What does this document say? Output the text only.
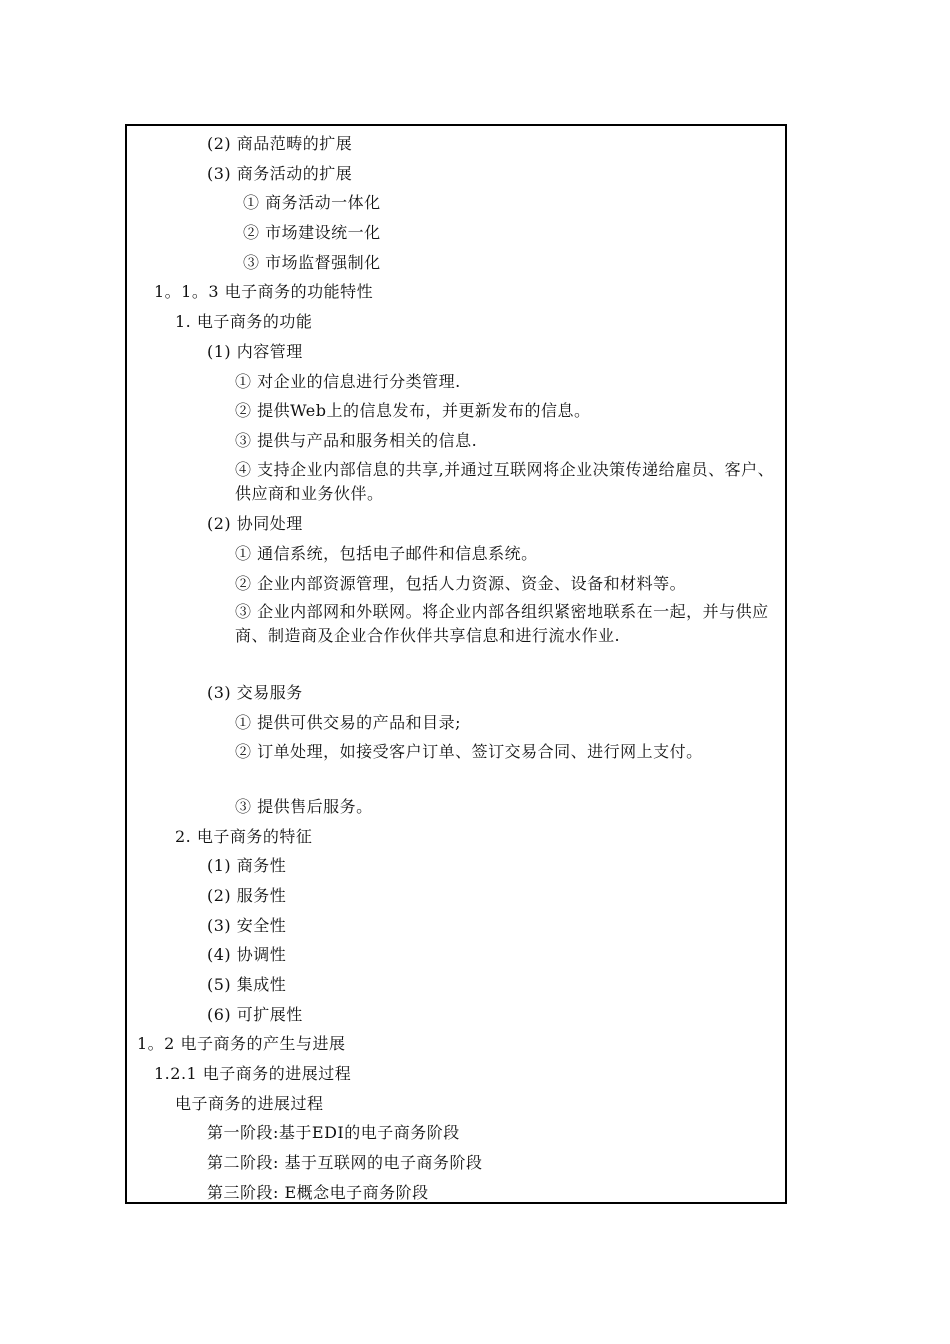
(2) 商品范畴的扩展
(3) 商务活动的扩展
① 商务活动一体化
② 市场建设统一化
③ 市场监督强制化
1。1。3 电子商务的功能特性
1. 电子商务的功能
(1) 内容管理
① 对企业的信息进行分类管理.
② 提供Web上的信息发布，并更新发布的信息。
③ 提供与产品和服务相关的信息.
④ 支持企业内部信息的共享,并通过互联网将企业决策传递给雇员、客户、供应商和业务伙伴。
(2) 协同处理
① 通信系统，包括电子邮件和信息系统。
② 企业内部资源管理，包括人力资源、资金、设备和材料等。
③ 企业内部网和外联网。将企业内部各组织紧密地联系在一起，并与供应商、制造商及企业合作伙伴共享信息和进行流水作业.
(3) 交易服务
① 提供可供交易的产品和目录;
② 订单处理，如接受客户订单、签订交易合同、进行网上支付。
③ 提供售后服务。
2. 电子商务的特征
(1) 商务性
(2) 服务性
(3) 安全性
(4) 协调性
(5) 集成性
(6) 可扩展性
1。2 电子商务的产生与进展
1.2.1 电子商务的进展过程
电子商务的进展过程
第一阶段:基于EDI的电子商务阶段
第二阶段: 基于互联网的电子商务阶段
第三阶段: E概念电子商务阶段
